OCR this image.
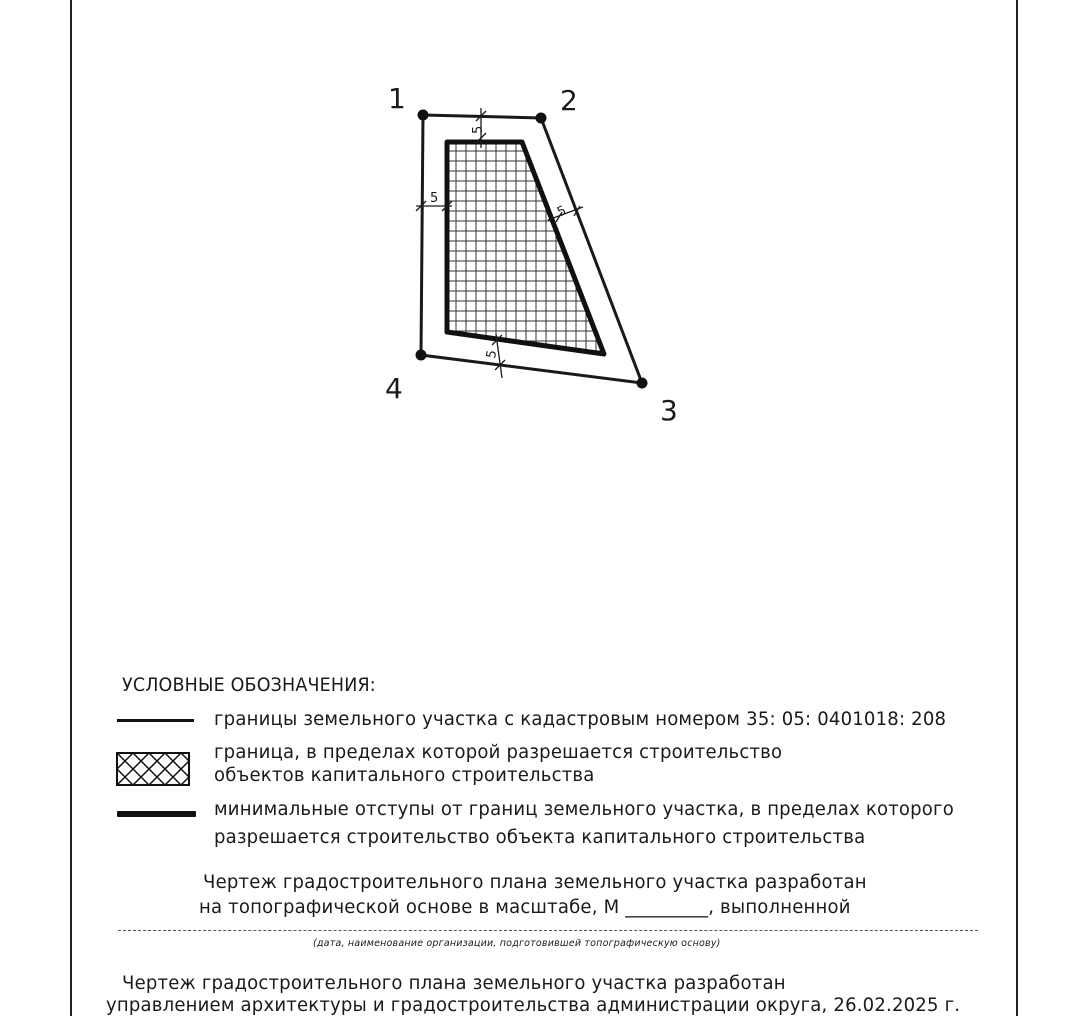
5
5
5
5
1	2
3
4
УСЛОВНЫЕ ОБОЗНАЧЕНИЯ:
границы земельного участка с кадастровым номером 35: 05: 0401018: 208
граница, в пределах которой разрешается строительство
объектов капитального строительства
минимальные отступы от границ земельного участка, в пределах которого
разрешается строительство объекта капитального строительства
Чертеж градостроительного плана земельного участка разработан
на топографической основе в масштабе, М _________, выполненной
(дата, наименование организации, подготовившей топографическую основу)
Чертеж градостроительного плана земельного участка разработан
управлением архитектуры и градостроительства администрации округа, 26.02.2025 г.
